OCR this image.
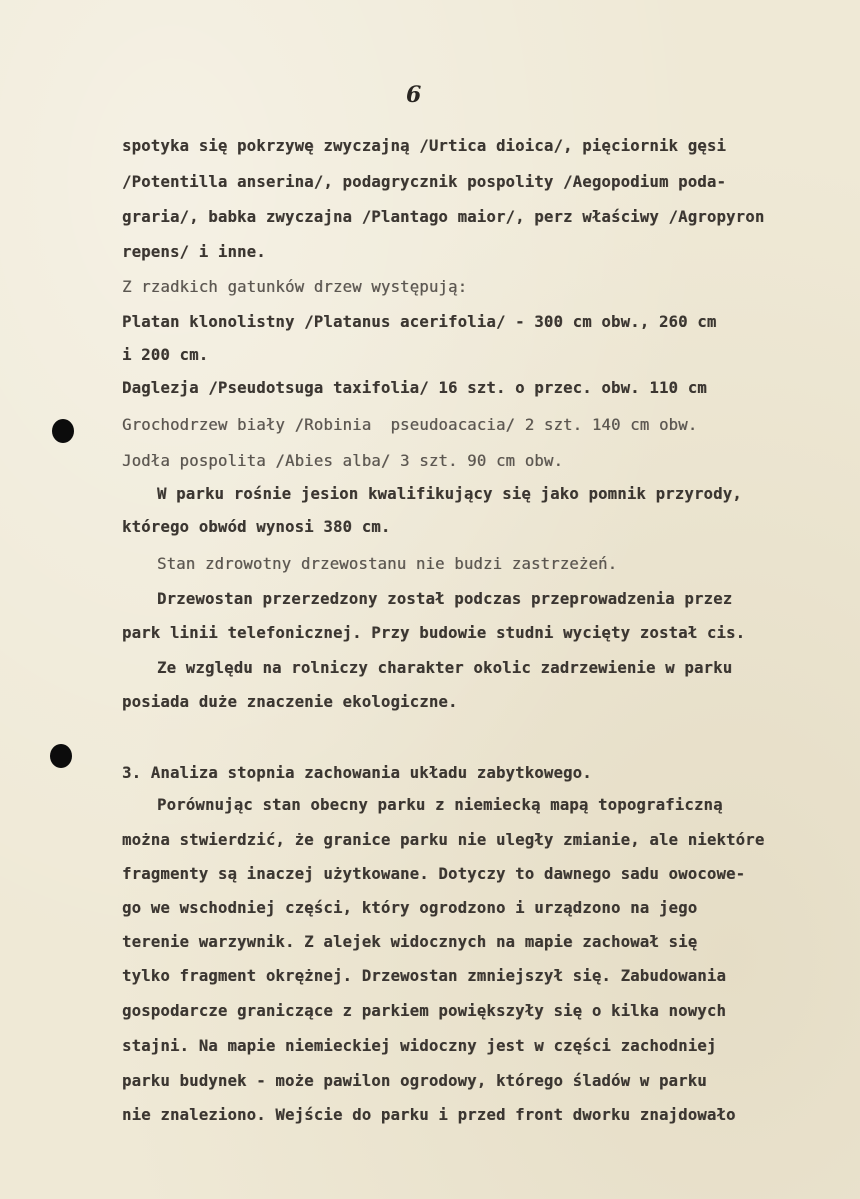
6
spotyka się pokrzywę zwyczajną /Urtica dioica/, pięciornik gęsi
/Potentilla anserina/, podagrycznik pospolity /Aegopodium poda-
graria/, babka zwyczajna /Plantago maior/, perz właściwy /Agropyron
repens/ i inne.
Z rzadkich gatunków drzew występują:
Platan klonolistny /Platanus acerifolia/ - 300 cm obw., 260 cm
i 200 cm.
Daglezja /Pseudotsuga taxifolia/ 16 szt. o przec. obw. 110 cm
Grochodrzew biały /Robinia  pseudoacacia/ 2 szt. 140 cm obw.
Jodła pospolita /Abies alba/ 3 szt. 90 cm obw.
W parku rośnie jesion kwalifikujący się jako pomnik przyrody,
którego obwód wynosi 380 cm.
Stan zdrowotny drzewostanu nie budzi zastrzeżeń.
Drzewostan przerzedzony został podczas przeprowadzenia przez
park linii telefonicznej. Przy budowie studni wycięty został cis.
Ze względu na rolniczy charakter okolic zadrzewienie w parku
posiada duże znaczenie ekologiczne.
3. Analiza stopnia zachowania układu zabytkowego.
Porównując stan obecny parku z niemiecką mapą topograficzną
można stwierdzić, że granice parku nie uległy zmianie, ale niektóre
fragmenty są inaczej użytkowane. Dotyczy to dawnego sadu owocowe-
go we wschodniej części, który ogrodzono i urządzono na jego
terenie warzywnik. Z alejek widocznych na mapie zachował się
tylko fragment okrężnej. Drzewostan zmniejszył się. Zabudowania
gospodarcze graniczące z parkiem powiększyły się o kilka nowych
stajni. Na mapie niemieckiej widoczny jest w części zachodniej
parku budynek - może pawilon ogrodowy, którego śladów w parku
nie znaleziono. Wejście do parku i przed front dworku znajdowało
